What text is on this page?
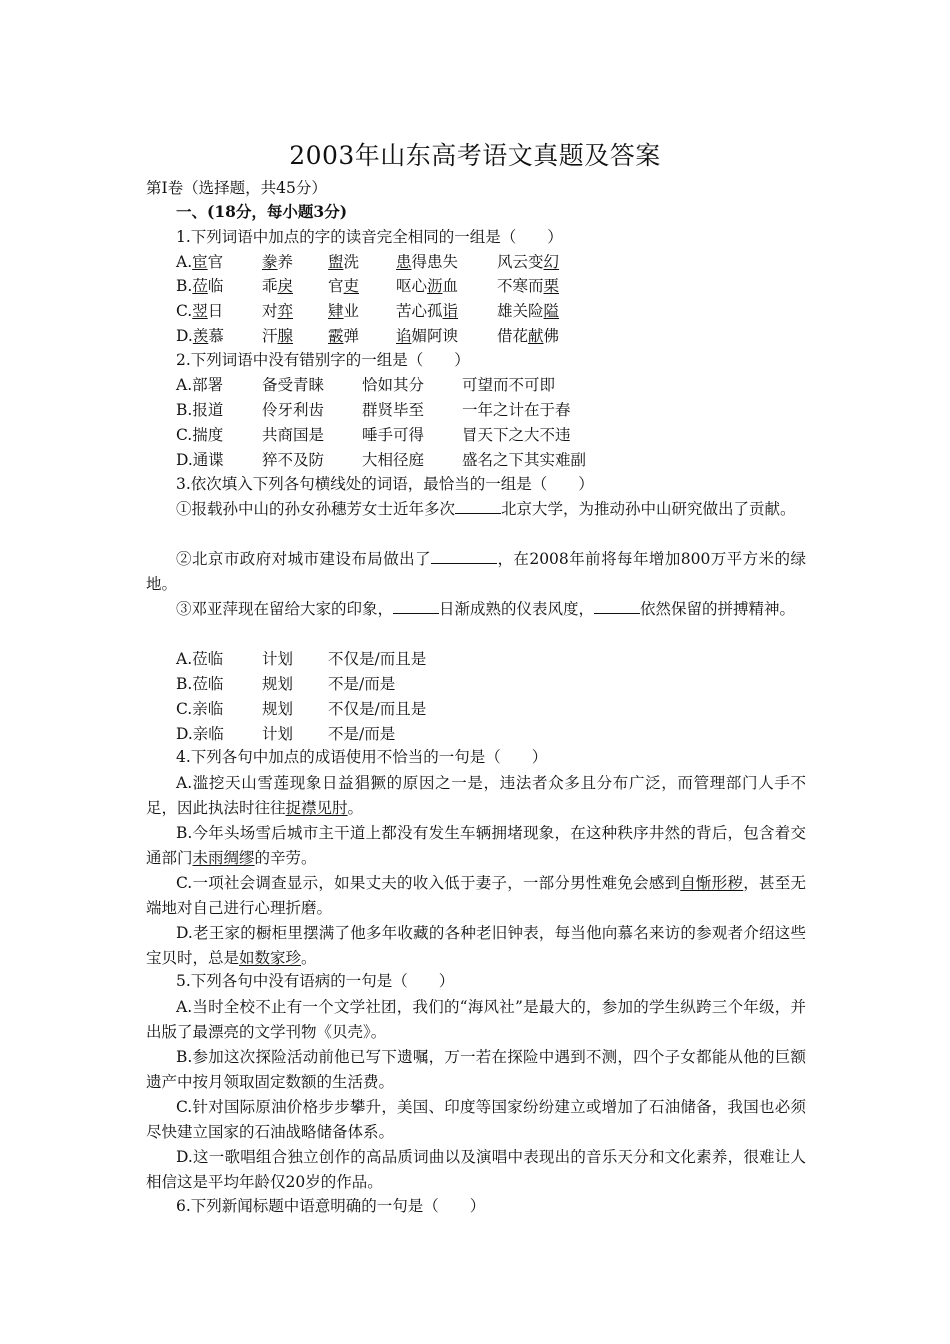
2003年山东高考语文真题及答案
第Ⅰ卷（选择题，共45分）
一、(18分，每小题3分)
1.下列词语中加点的字的读音完全相同的一组是（　　）
A.宦官	豢养 盥洗 患得患失	风云变幻
B.莅临 乖戾 官吏 呕心沥血	不寒而栗
C.翌日 对弈 肄业 苦心孤诣	雄关险隘
D.羡慕 汗腺 霰弹 谄媚阿谀	借花献佛
2.下列词语中没有错别字的一组是（　　）
A.部署	备受青睐 恰如其分 可望而不可即
B.报道 伶牙利齿 群贤毕至 一年之计在于春
C.揣度	共商国是 唾手可得 冒天下之大不违
D.通谍 猝不及防 大相径庭 盛名之下其实难副
3.依次填入下列各句横线处的词语，最恰当的一组是（　　）
①报载孙中山的孙女孙穗芳女士近年多次	北京大学，为推动孙中山研究做出了贡献。
②北京市政府对城市建设布局做出了	，在2008年前将每年增加800万平方米的绿地。
③邓亚萍现在留给大家的印象，	日渐成熟的仪表风度，	依然保留的拼搏精神。
A.莅临	计划 不仅是/而且是
B.莅临 规划 不是/而是
C.亲临	规划 不仅是/而且是
D.亲临 计划 不是/而是
4.下列各句中加点的成语使用不恰当的一句是（　　）
A.滥挖天山雪莲现象日益猖獗的原因之一是，违法者众多且分布广泛，而管理部门人手不足，因此执法时往往捉襟见肘。
B.今年头场雪后城市主干道上都没有发生车辆拥堵现象，在这种秩序井然的背后，包含着交通部门未雨绸缪的辛劳。
C.一项社会调查显示，如果丈夫的收入低于妻子，一部分男性难免会感到自惭形秽，甚至无端地对自己进行心理折磨。
D.老王家的橱柜里摆满了他多年收藏的各种老旧钟表，每当他向慕名来访的参观者介绍这些宝贝时，总是如数家珍。
5.下列各句中没有语病的一句是（　　）
A.当时全校不止有一个文学社团，我们的“海风社”是最大的，参加的学生纵跨三个年级，并出版了最漂亮的文学刊物《贝壳》。
B.参加这次探险活动前他已写下遗嘱，万一若在探险中遇到不测，四个子女都能从他的巨额遗产中按月领取固定数额的生活费。
C.针对国际原油价格步步攀升，美国、印度等国家纷纷建立或增加了石油储备，我国也必须尽快建立国家的石油战略储备体系。
D.这一歌唱组合独立创作的高品质词曲以及演唱中表现出的音乐天分和文化素养，很难让人相信这是平均年龄仅20岁的作品。
6.下列新闻标题中语意明确的一句是（　　）
